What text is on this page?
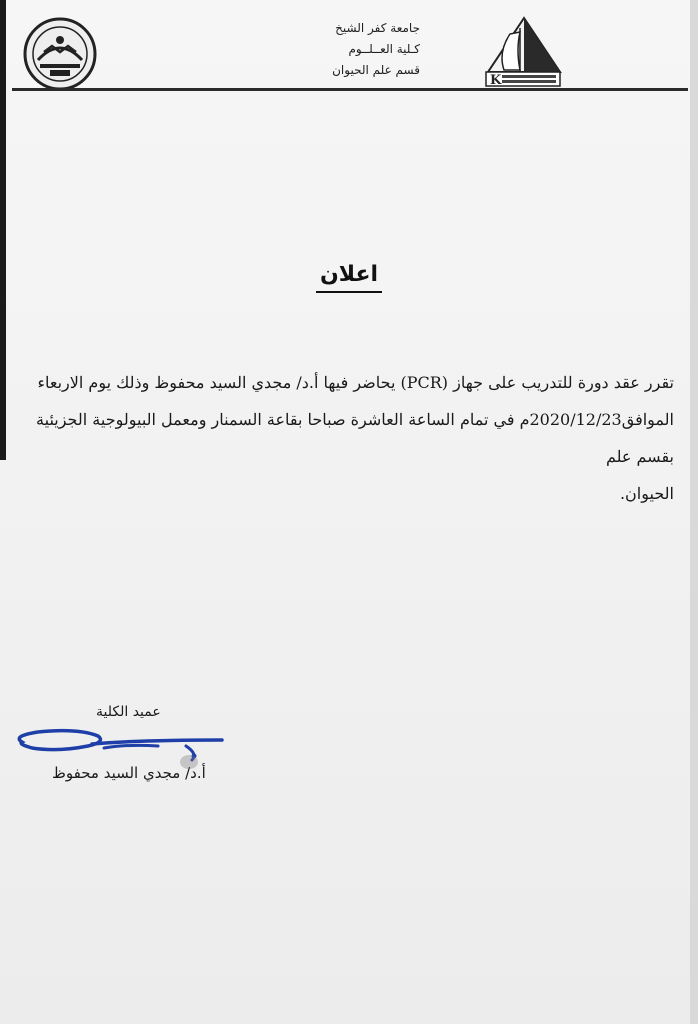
جامعة كفر الشيخ
كـلية العــلــوم
قسم علم الحيوان
K
اعلان
تقرر عقد دورة للتدريب على جهاز (PCR) يحاضر فيها أ.د/ مجدي السيد محفوظ وذلك يوم الاربعاء
الموافق2020/12/23م في تمام الساعة العاشرة صباحا بقاعة السمنار ومعمل البيولوجية الجزيئية بقسم علم
الحيوان.
عميد الكلية
أ.د/ مجدي السيد محفوظ
